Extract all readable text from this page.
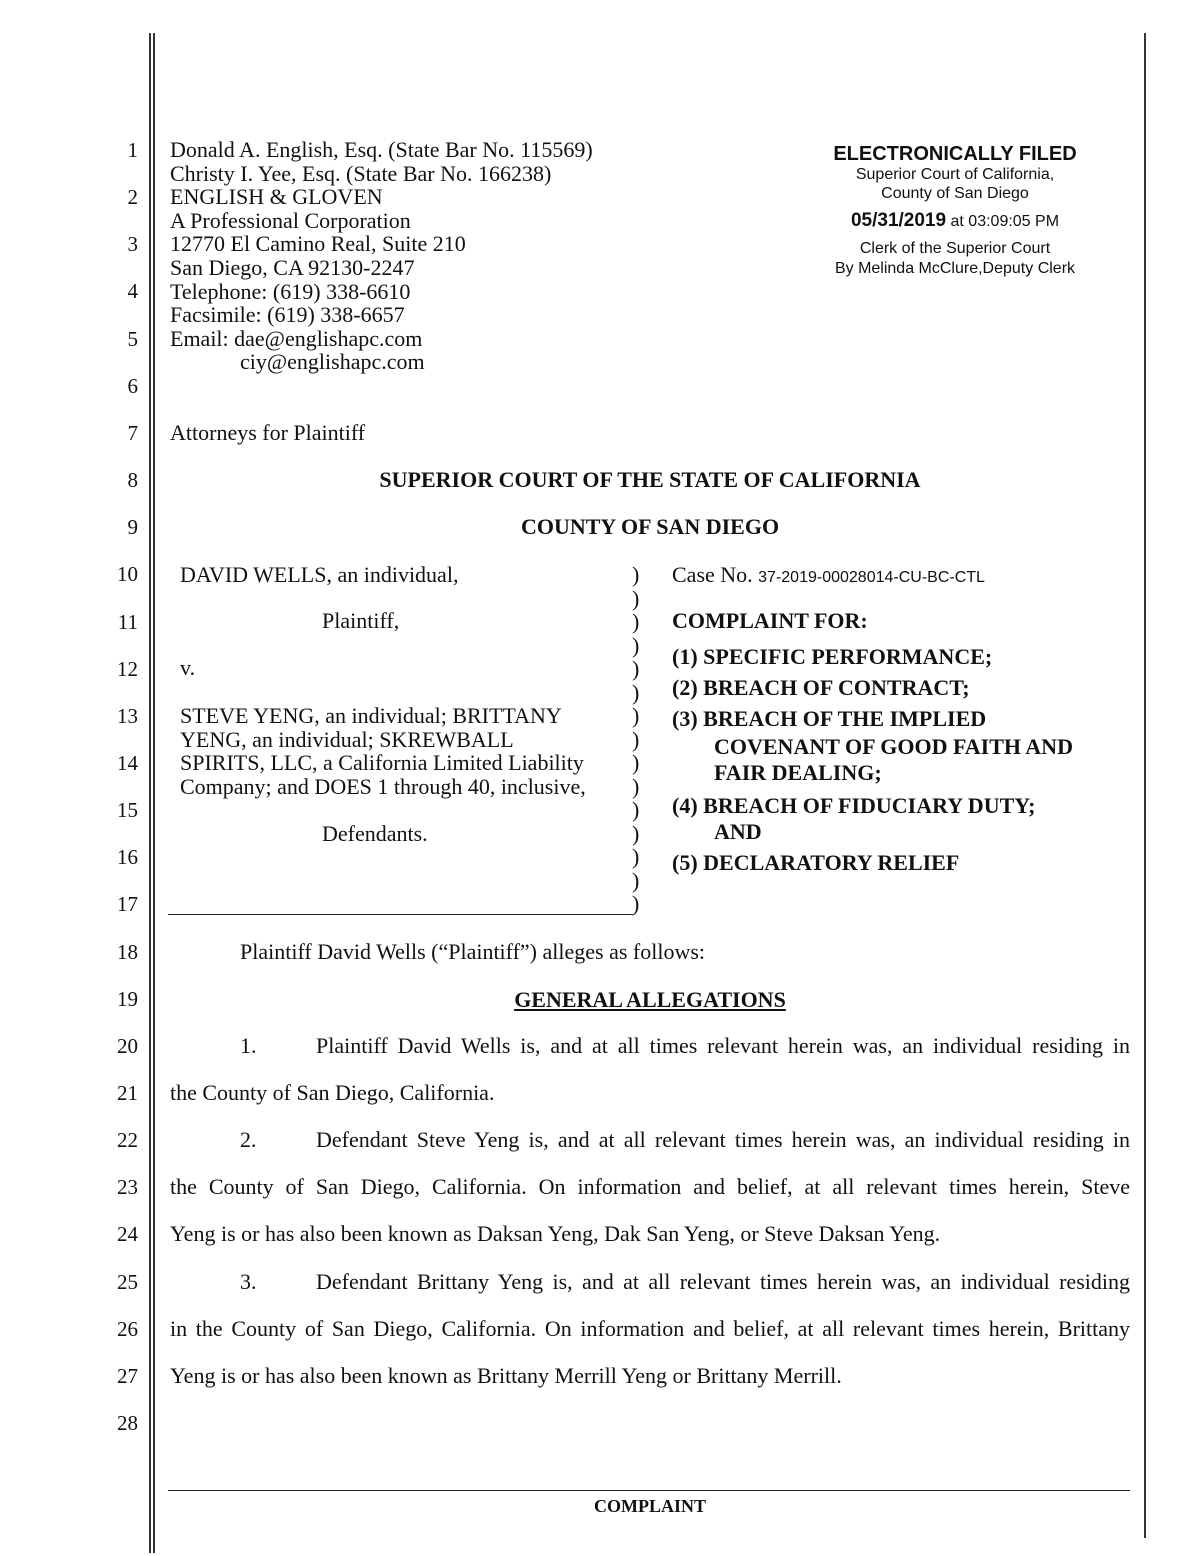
1
2
3
4
5
6
7
8
9
10
11
12
13
14
15
16
17
18
19
20
21
22
23
24
25
26
27
28
Donald A. English, Esq. (State Bar No. 115569)
Christy I. Yee, Esq. (State Bar No. 166238)
ENGLISH & GLOVEN
A Professional Corporation
12770 El Camino Real, Suite 210
San Diego, CA 92130-2247
Telephone: (619) 338-6610
Facsimile: (619) 338-6657
Email: dae@englishapc.com
ciy@englishapc.com
ELECTRONICALLY FILED
Superior Court of California,
County of San Diego
05/31/2019 at 03:09:05 PM
Clerk of the Superior Court
By Melinda McClure,Deputy Clerk
Attorneys for Plaintiff
SUPERIOR COURT OF THE STATE OF CALIFORNIA
COUNTY OF SAN DIEGO
DAVID WELLS, an individual,
Plaintiff,
v.
STEVE YENG, an individual; BRITTANY
YENG, an individual; SKREWBALL
SPIRITS, LLC, a California Limited Liability
Company; and DOES 1 through 40, inclusive,
Defendants.
)
)
)
)
)
)
)
)
)
)
)
)
)
)
)
Case No. 37-2019-00028014-CU-BC-CTL
COMPLAINT FOR:
(1) SPECIFIC PERFORMANCE;
(2) BREACH OF CONTRACT;
(3) BREACH OF THE IMPLIED
COVENANT OF GOOD FAITH AND
FAIR DEALING;
(4) BREACH OF FIDUCIARY DUTY;
AND
(5) DECLARATORY RELIEF
Plaintiff David Wells (“Plaintiff”) alleges as follows:
GENERAL ALLEGATIONS
1.	Plaintiff David Wells is, and at all times relevant herein was, an individual residing in
the County of San Diego, California.
2.	Defendant Steve Yeng is, and at all relevant times herein was, an individual residing in
the County of San Diego, California. On information and belief, at all relevant times herein, Steve
Yeng is or has also been known as Daksan Yeng, Dak San Yeng, or Steve Daksan Yeng.
3.	Defendant Brittany Yeng is, and at all relevant times herein was, an individual residing
in the County of San Diego, California. On information and belief, at all relevant times herein, Brittany
Yeng is or has also been known as Brittany Merrill Yeng or Brittany Merrill.
COMPLAINT
